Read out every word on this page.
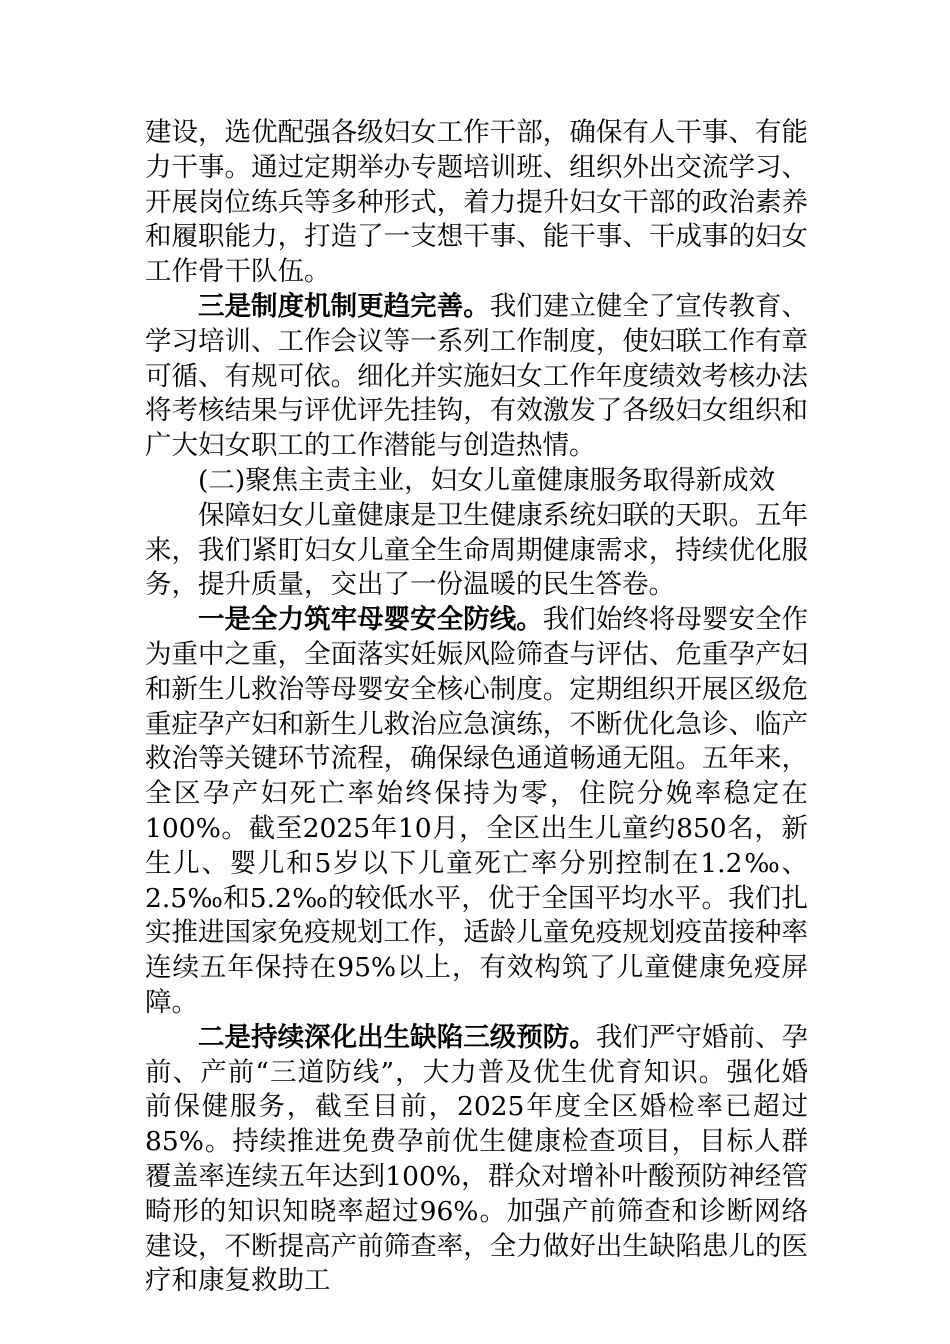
建设，选优配强各级妇女工作干部，确保有人干事、有能力干事。通过定期举办专题培训班、组织外出交流学习、开展岗位练兵等多种形式，着力提升妇女干部的政治素养和履职能力，打造了一支想干事、能干事、干成事的妇女工作骨干队伍。

三是制度机制更趋完善。我们建立健全了宣传教育、学习培训、工作会议等一系列工作制度，使妇联工作有章可循、有规可依。细化并实施妇女工作年度绩效考核办法将考核结果与评优评先挂钩，有效激发了各级妇女组织和广大妇女职工的工作潜能与创造热情。

(二)聚焦主责主业，妇女儿童健康服务取得新成效

保障妇女儿童健康是卫生健康系统妇联的天职。五年来，我们紧盯妇女儿童全生命周期健康需求，持续优化服务，提升质量，交出了一份温暖的民生答卷。

一是全力筑牢母婴安全防线。我们始终将母婴安全作为重中之重，全面落实妊娠风险筛查与评估、危重孕产妇和新生儿救治等母婴安全核心制度。定期组织开展区级危重症孕产妇和新生儿救治应急演练，不断优化急诊、临产救治等关键环节流程，确保绿色通道畅通无阻。五年来，全区孕产妇死亡率始终保持为零，住院分娩率稳定在100%。截至2025年10月，全区出生儿童约850名，新生儿、婴儿和5岁以下儿童死亡率分别控制在1.2‰、2.5‰和5.2‰的较低水平，优于全国平均水平。我们扎实推进国家免疫规划工作，适龄儿童免疫规划疫苗接种率连续五年保持在95%以上，有效构筑了儿童健康免疫屏障。

二是持续深化出生缺陷三级预防。我们严守婚前、孕前、产前“三道防线”，大力普及优生优育知识。强化婚前保健服务，截至目前，2025年度全区婚检率已超过85%。持续推进免费孕前优生健康检查项目，目标人群覆盖率连续五年达到100%，群众对增补叶酸预防神经管畸形的知识知晓率超过96%。加强产前筛查和诊断网络建设，不断提高产前筛查率，全力做好出生缺陷患儿的医疗和康复救助工
